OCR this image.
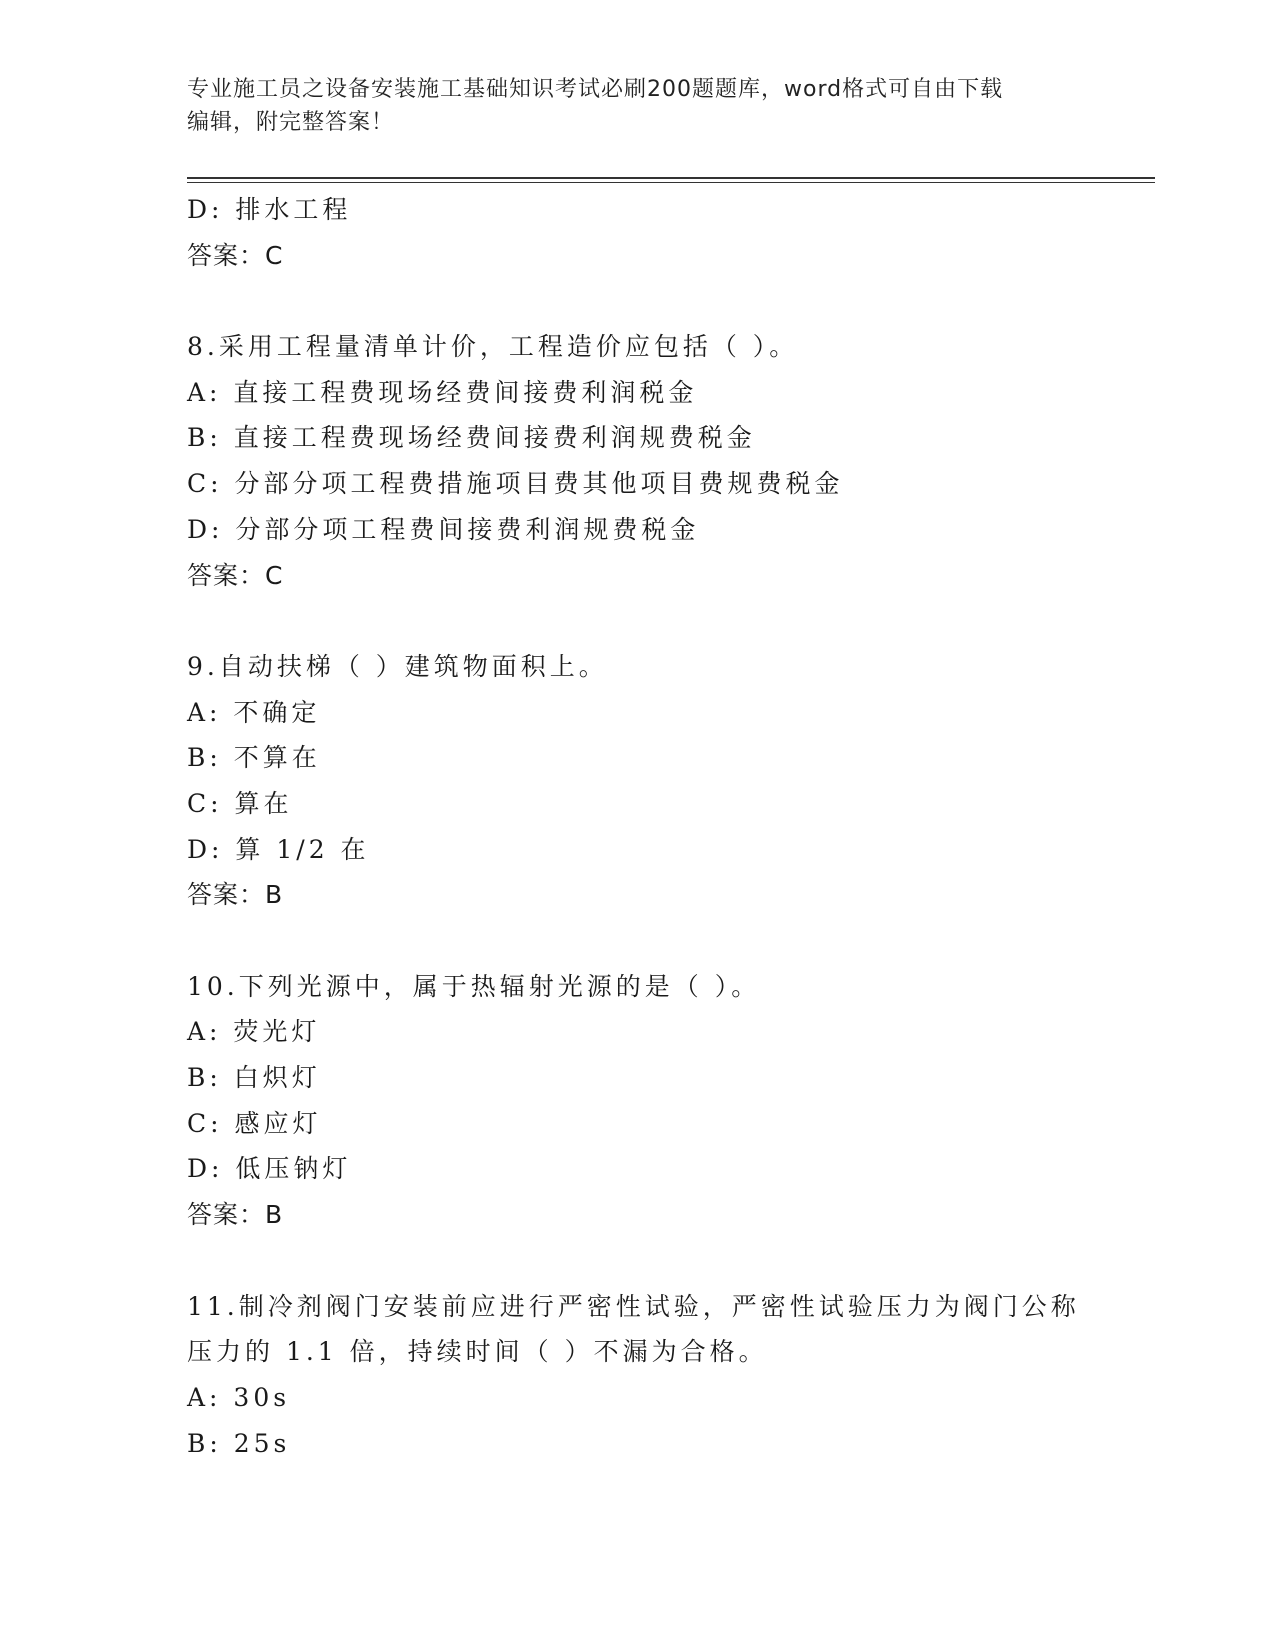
专业施工员之设备安装施工基础知识考试必刷200题题库，word格式可自由下载
编辑，附完整答案！
D: 排水工程
答案：C
8.采用工程量清单计价，工程造价应包括（ ）。
A: 直接工程费现场经费间接费利润税金
B: 直接工程费现场经费间接费利润规费税金
C: 分部分项工程费措施项目费其他项目费规费税金
D: 分部分项工程费间接费利润规费税金
答案：C
9.自动扶梯（ ）建筑物面积上。
A: 不确定
B: 不算在
C: 算在
D: 算 1/2 在
答案：B
10.下列光源中，属于热辐射光源的是（ ）。
A: 荧光灯
B: 白炽灯
C: 感应灯
D: 低压钠灯
答案：B
11.制冷剂阀门安装前应进行严密性试验，严密性试验压力为阀门公称
压力的 1.1 倍，持续时间（ ）不漏为合格。
A: 30s
B: 25s
